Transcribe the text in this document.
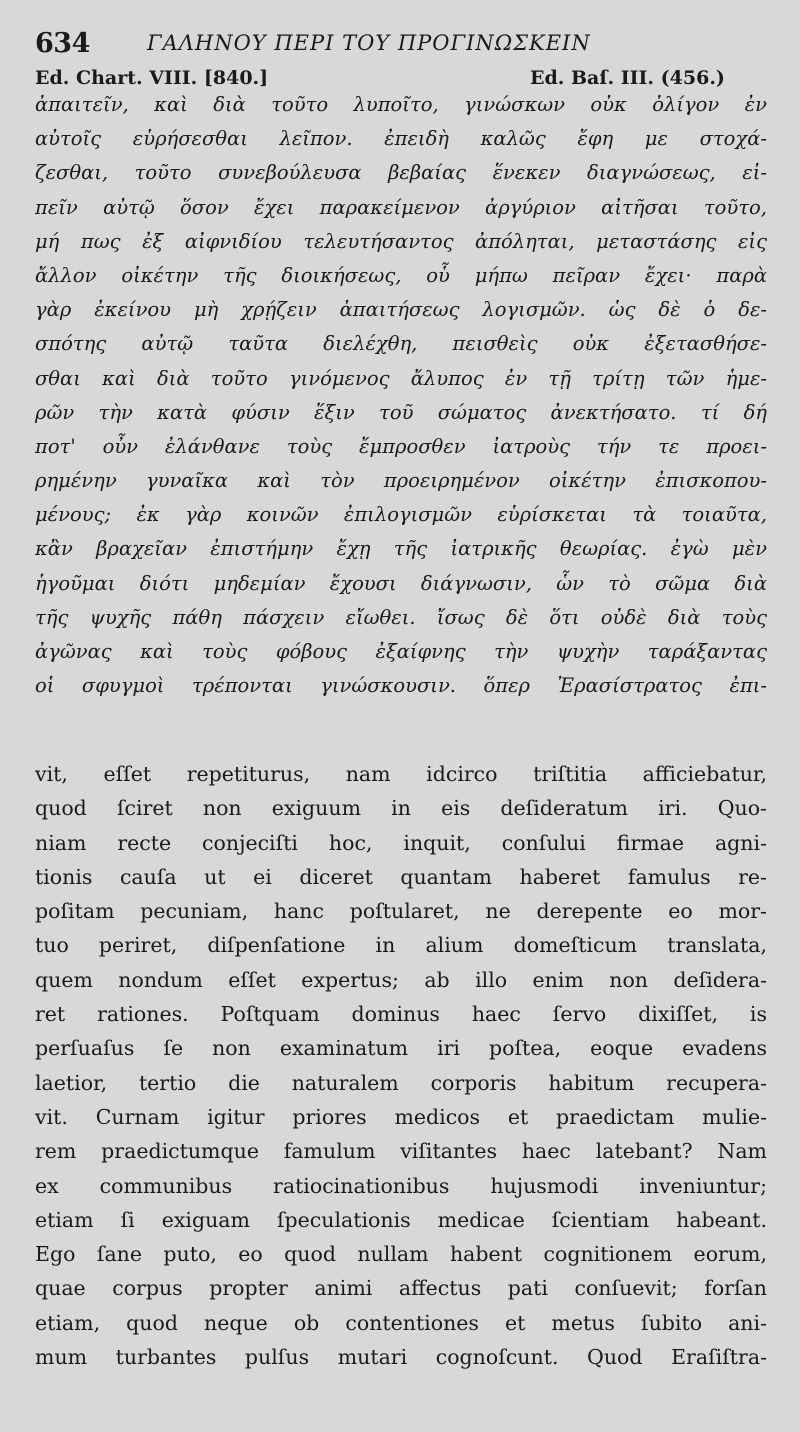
634	ΓΑΛΗΝΟΥ ΠΕΡΙ ΤΟΥ ΠΡΟΓΙΝΩΣΚΕΙΝ
Ed. Chart. VIII. [840.]	Ed. Baſ. III. (456.)
ἀπαιτεῖν, καὶ διὰ τοῦτο λυποῖτο, γινώσκων οὐκ ὀλίγον ἐν
αὐτοῖς εὑρήσεσθαι λεῖπον. ἐπειδὴ καλῶς ἔφη με στοχά-
ζεσθαι, τοῦτο συνεβούλευσα βεβαίας ἕνεκεν διαγνώσεως, εἰ-
πεῖν αὐτῷ ὅσον ἔχει παρακείμενον ἀργύριον αἰτῆσαι τοῦτο,
μή πως ἐξ αἰφνιδίου τελευτήσαντος ἀπόληται, μεταστάσης εἰς
ἄλλον οἰκέτην τῆς διοικήσεως, οὗ μήπω πεῖραν ἔχει· παρὰ
γὰρ ἐκείνου μὴ χρῄζειν ἀπαιτήσεως λογισμῶν. ὡς δὲ ὁ δε-
σπότης αὐτῷ ταῦτα διελέχθη, πεισθεὶς οὐκ ἐξετασθήσε-
σθαι καὶ διὰ τοῦτο γινόμενος ἄλυπος ἐν τῇ τρίτῃ τῶν ἡμε-
ρῶν τὴν κατὰ φύσιν ἕξιν τοῦ σώματος ἀνεκτήσατο. τί δή
ποτ' οὖν ἐλάνθανε τοὺς ἔμπροσθεν ἰατροὺς τήν τε προει-
ρημένην γυναῖκα καὶ τὸν προειρημένον οἰκέτην ἐπισκοπου-
μένους; ἐκ γὰρ κοινῶν ἐπιλογισμῶν εὑρίσκεται τὰ τοιαῦτα,
κἂν βραχεῖαν ἐπιστήμην ἔχῃ τῆς ἰατρικῆς θεωρίας. ἐγὼ μὲν
ἡγοῦμαι διότι μηδεμίαν ἔχουσι διάγνωσιν, ὧν τὸ σῶμα διὰ
τῆς ψυχῆς πάθη πάσχειν εἴωθει. ἴσως δὲ ὅτι οὐδὲ διὰ τοὺς
ἀγῶνας καὶ τοὺς φόβους ἐξαίφνης τὴν ψυχὴν ταράξαντας
οἱ σφυγμοὶ τρέπονται γινώσκουσιν. ὅπερ Ἐρασίστρατος ἐπι-
vit, eſſet repetiturus, nam idcirco triſtitia afficiebatur,
quod ſciret non exiguum in eis deſideratum iri. Quo-
niam recte conjeciſti hoc, inquit, conſului firmae agni-
tionis cauſa ut ei diceret quantam haberet famulus re-
poſitam pecuniam, hanc poſtularet, ne derepente eo mor-
tuo periret, diſpenſatione in alium domeſticum translata,
quem nondum eſſet expertus; ab illo enim non deſidera-
ret rationes. Poſtquam dominus haec ſervo dixiſſet, is
perſuaſus ſe non examinatum iri poſtea, eoque evadens
laetior, tertio die naturalem corporis habitum recupera-
vit. Curnam igitur priores medicos et praedictam mulie-
rem praedictumque famulum viſitantes haec latebant? Nam
ex communibus ratiocinationibus hujusmodi inveniuntur;
etiam ſi exiguam ſpeculationis medicae ſcientiam habeant.
Ego ſane puto, eo quod nullam habent cognitionem eorum,
quae corpus propter animi affectus pati conſuevit; forſan
etiam, quod neque ob contentiones et metus ſubito ani-
mum turbantes pulſus mutari cognoſcunt. Quod Eraſiſtra-
